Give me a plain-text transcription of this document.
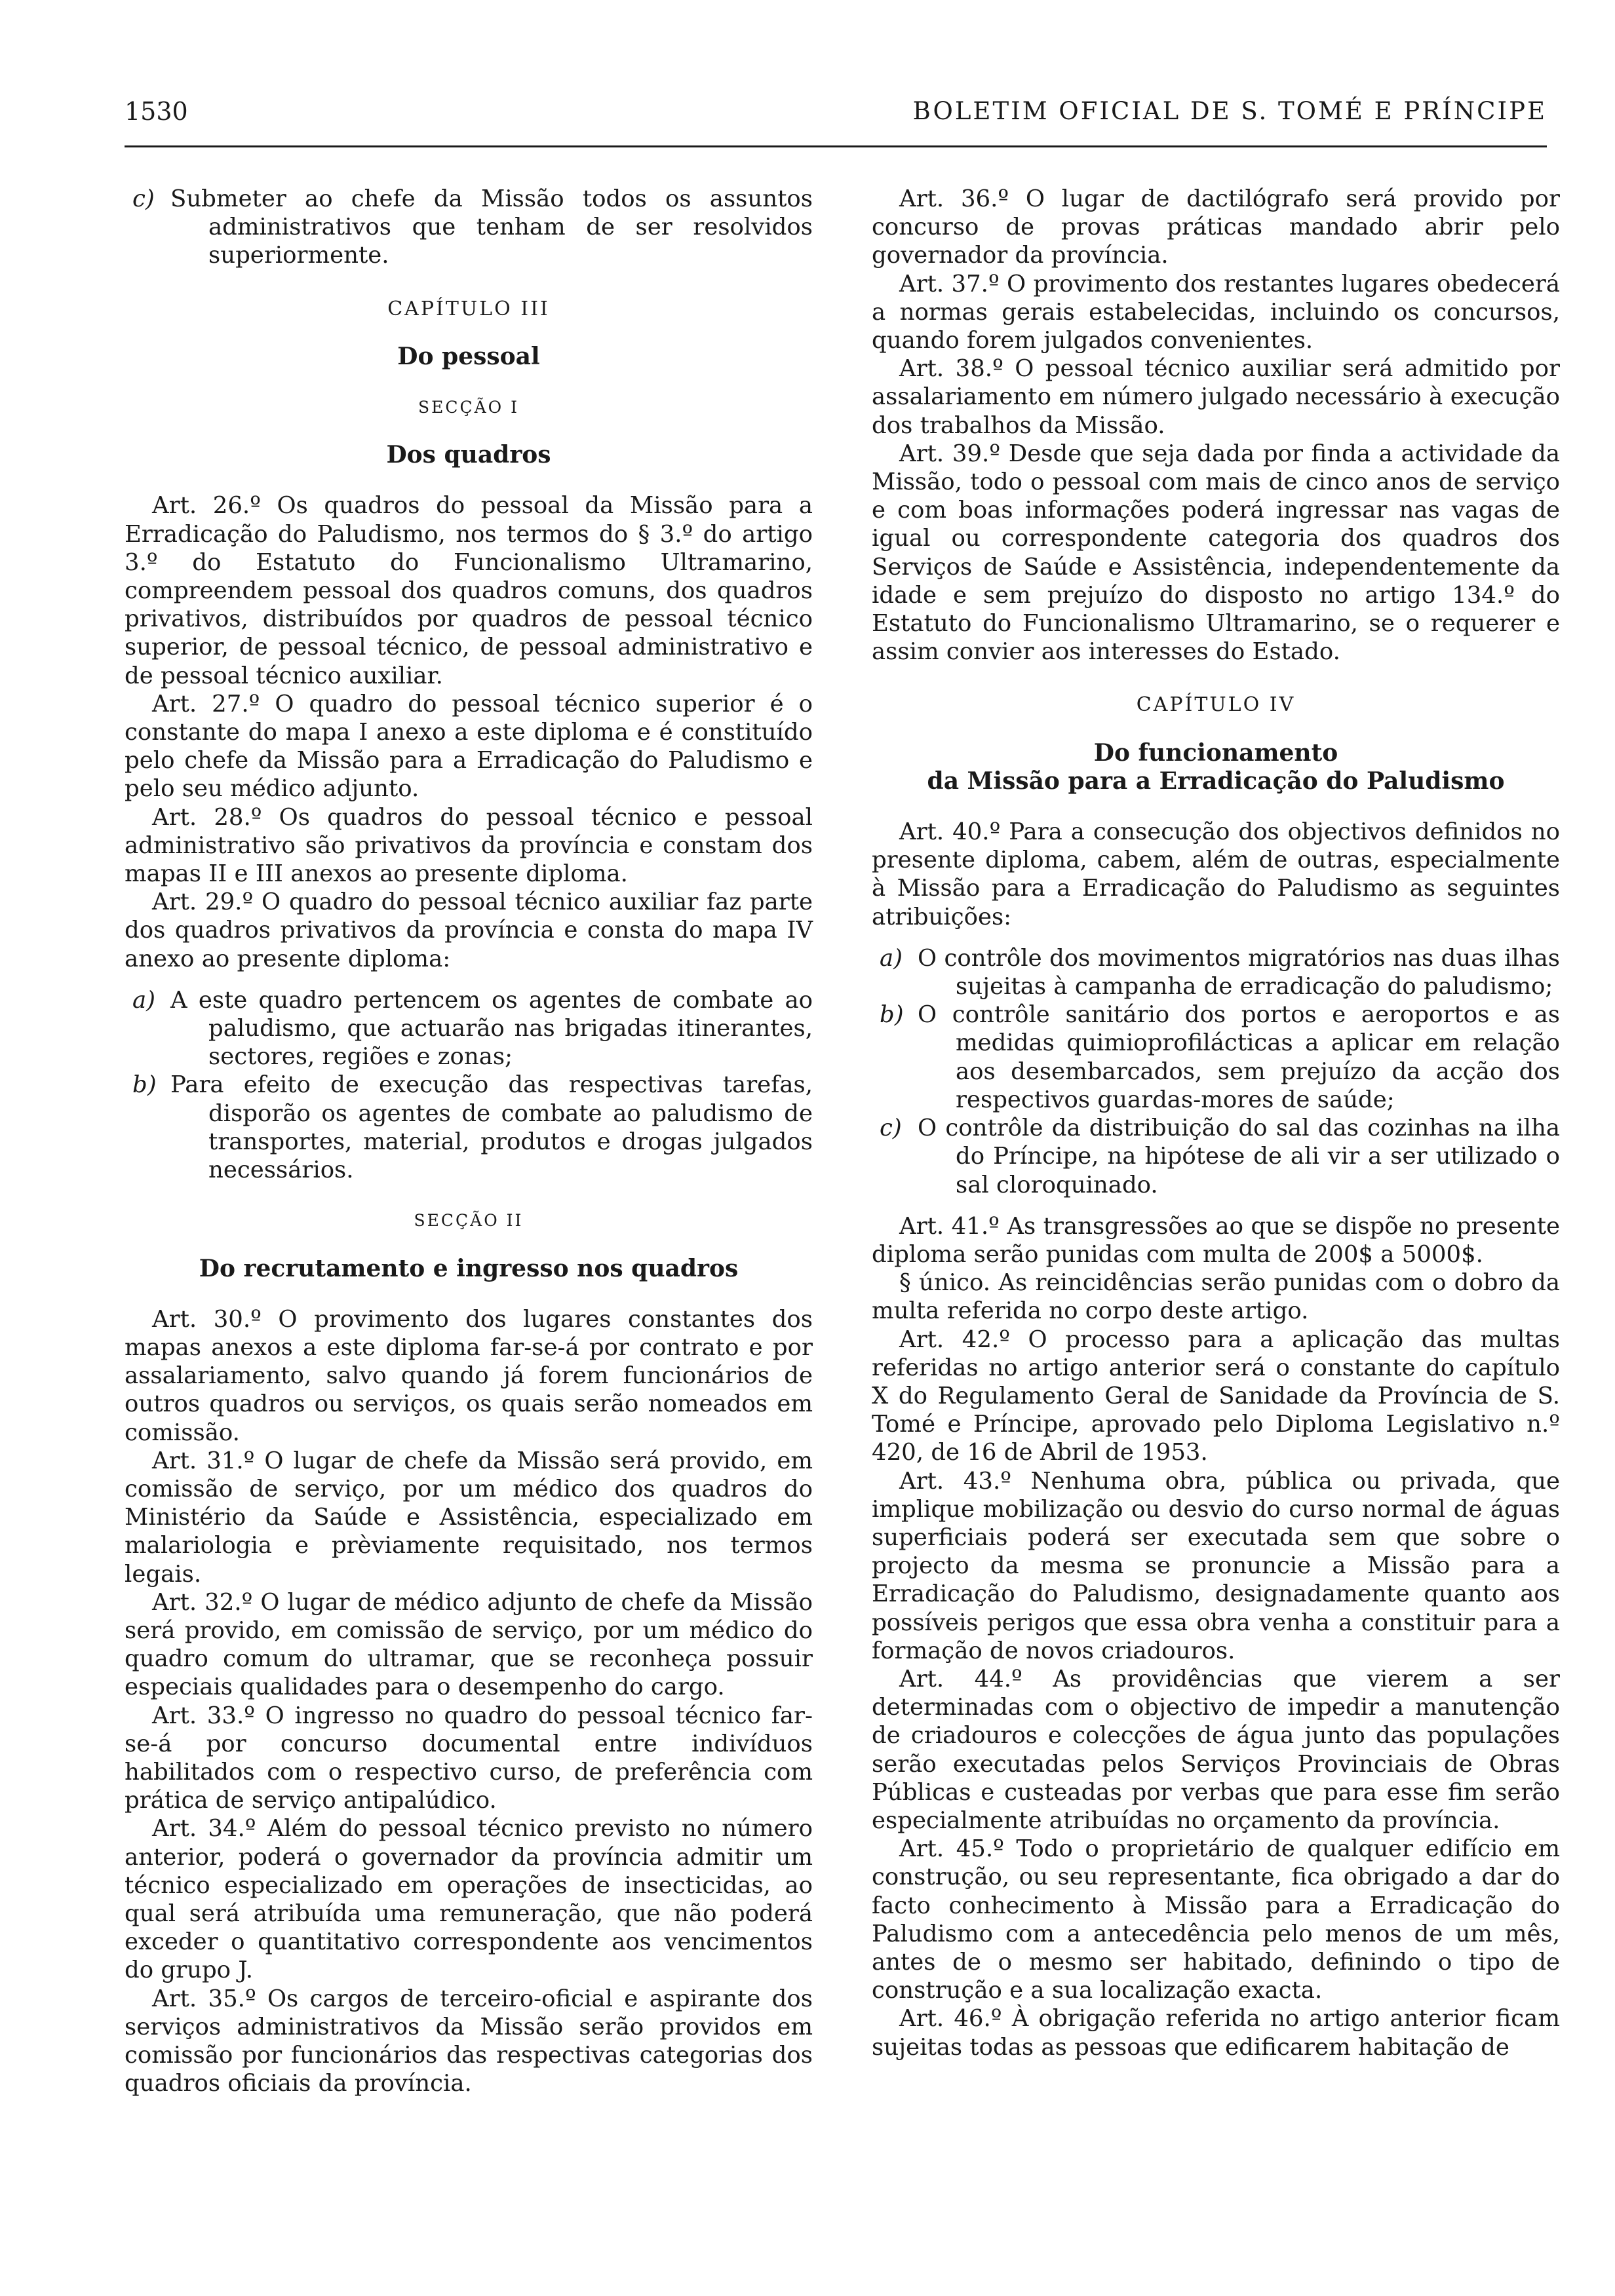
1530	BOLETIM OFICIAL DE S. TOMÉ E PRÍNCIPE

c) Submeter ao chefe da Missão todos os assuntos administrativos que tenham de ser resolvidos superiormente.

CAPÍTULO III

Do pessoal

SECÇÃO I

Dos quadros

Art. 26.º Os quadros do pessoal da Missão para a Erradicação do Paludismo, nos termos do § 3.º do artigo 3.º do Estatuto do Funcionalismo Ultramarino, compreendem pessoal dos quadros comuns, dos quadros privativos, distribuídos por quadros de pessoal técnico superior, de pessoal técnico, de pessoal administrativo e de pessoal técnico auxiliar.

Art. 27.º O quadro do pessoal técnico superior é o constante do mapa I anexo a este diploma e é constituído pelo chefe da Missão para a Erradicação do Paludismo e pelo seu médico adjunto.

Art. 28.º Os quadros do pessoal técnico e pessoal administrativo são privativos da província e constam dos mapas II e III anexos ao presente diploma.

Art. 29.º O quadro do pessoal técnico auxiliar faz parte dos quadros privativos da província e consta do mapa IV anexo ao presente diploma:

a) A este quadro pertencem os agentes de combate ao paludismo, que actuarão nas brigadas itinerantes, sectores, regiões e zonas;

b) Para efeito de execução das respectivas tarefas, disporão os agentes de combate ao paludismo de transportes, material, produtos e drogas julgados necessários.

SECÇÃO II

Do recrutamento e ingresso nos quadros

Art. 30.º O provimento dos lugares constantes dos mapas anexos a este diploma far-se-á por contrato e por assalariamento, salvo quando já forem funcionários de outros quadros ou serviços, os quais serão nomeados em comissão.

Art. 31.º O lugar de chefe da Missão será provido, em comissão de serviço, por um médico dos quadros do Ministério da Saúde e Assistência, especializado em malariologia e prèviamente requisitado, nos termos legais.

Art. 32.º O lugar de médico adjunto de chefe da Missão será provido, em comissão de serviço, por um médico do quadro comum do ultramar, que se reconheça possuir especiais qualidades para o desempenho do cargo.

Art. 33.º O ingresso no quadro do pessoal técnico far-se-á por concurso documental entre indivíduos habilitados com o respectivo curso, de preferência com prática de serviço antipalúdico.

Art. 34.º Além do pessoal técnico previsto no número anterior, poderá o governador da província admitir um técnico especializado em operações de insecticidas, ao qual será atribuída uma remuneração, que não poderá exceder o quantitativo correspondente aos vencimentos do grupo J.

Art. 35.º Os cargos de terceiro-oficial e aspirante dos serviços administrativos da Missão serão providos em comissão por funcionários das respectivas categorias dos quadros oficiais da província.

Art. 36.º O lugar de dactilógrafo será provido por concurso de provas práticas mandado abrir pelo governador da província.

Art. 37.º O provimento dos restantes lugares obedecerá a normas gerais estabelecidas, incluindo os concursos, quando forem julgados convenientes.

Art. 38.º O pessoal técnico auxiliar será admitido por assalariamento em número julgado necessário à execução dos trabalhos da Missão.

Art. 39.º Desde que seja dada por finda a actividade da Missão, todo o pessoal com mais de cinco anos de serviço e com boas informações poderá ingressar nas vagas de igual ou correspondente categoria dos quadros dos Serviços de Saúde e Assistência, independentemente da idade e sem prejuízo do disposto no artigo 134.º do Estatuto do Funcionalismo Ultramarino, se o requerer e assim convier aos interesses do Estado.

CAPÍTULO IV

Do funcionamento

da Missão para a Erradicação do Paludismo

Art. 40.º Para a consecução dos objectivos definidos no presente diploma, cabem, além de outras, especialmente à Missão para a Erradicação do Paludismo as seguintes atribuições:

a) O contrôle dos movimentos migratórios nas duas ilhas sujeitas à campanha de erradicação do paludismo;

b) O contrôle sanitário dos portos e aeroportos e as medidas quimioprofilácticas a aplicar em relação aos desembarcados, sem prejuízo da acção dos respectivos guardas-mores de saúde;

c) O contrôle da distribuição do sal das cozinhas na ilha do Príncipe, na hipótese de ali vir a ser utilizado o sal cloroquinado.

Art. 41.º As transgressões ao que se dispõe no presente diploma serão punidas com multa de 200$ a 5000$.

§ único. As reincidências serão punidas com o dobro da multa referida no corpo deste artigo.

Art. 42.º O processo para a aplicação das multas referidas no artigo anterior será o constante do capítulo X do Regulamento Geral de Sanidade da Província de S. Tomé e Príncipe, aprovado pelo Diploma Legislativo n.º 420, de 16 de Abril de 1953.

Art. 43.º Nenhuma obra, pública ou privada, que implique mobilização ou desvio do curso normal de águas superficiais poderá ser executada sem que sobre o projecto da mesma se pronuncie a Missão para a Erradicação do Paludismo, designadamente quanto aos possíveis perigos que essa obra venha a constituir para a formação de novos criadouros.

Art. 44.º As providências que vierem a ser determinadas com o objectivo de impedir a manutenção de criadouros e colecções de água junto das populações serão executadas pelos Serviços Provinciais de Obras Públicas e custeadas por verbas que para esse fim serão especialmente atribuídas no orçamento da província.

Art. 45.º Todo o proprietário de qualquer edifício em construção, ou seu representante, fica obrigado a dar do facto conhecimento à Missão para a Erradicação do Paludismo com a antecedência pelo menos de um mês, antes de o mesmo ser habitado, definindo o tipo de construção e a sua localização exacta.

Art. 46.º À obrigação referida no artigo anterior ficam sujeitas todas as pessoas que edificarem habitação de
